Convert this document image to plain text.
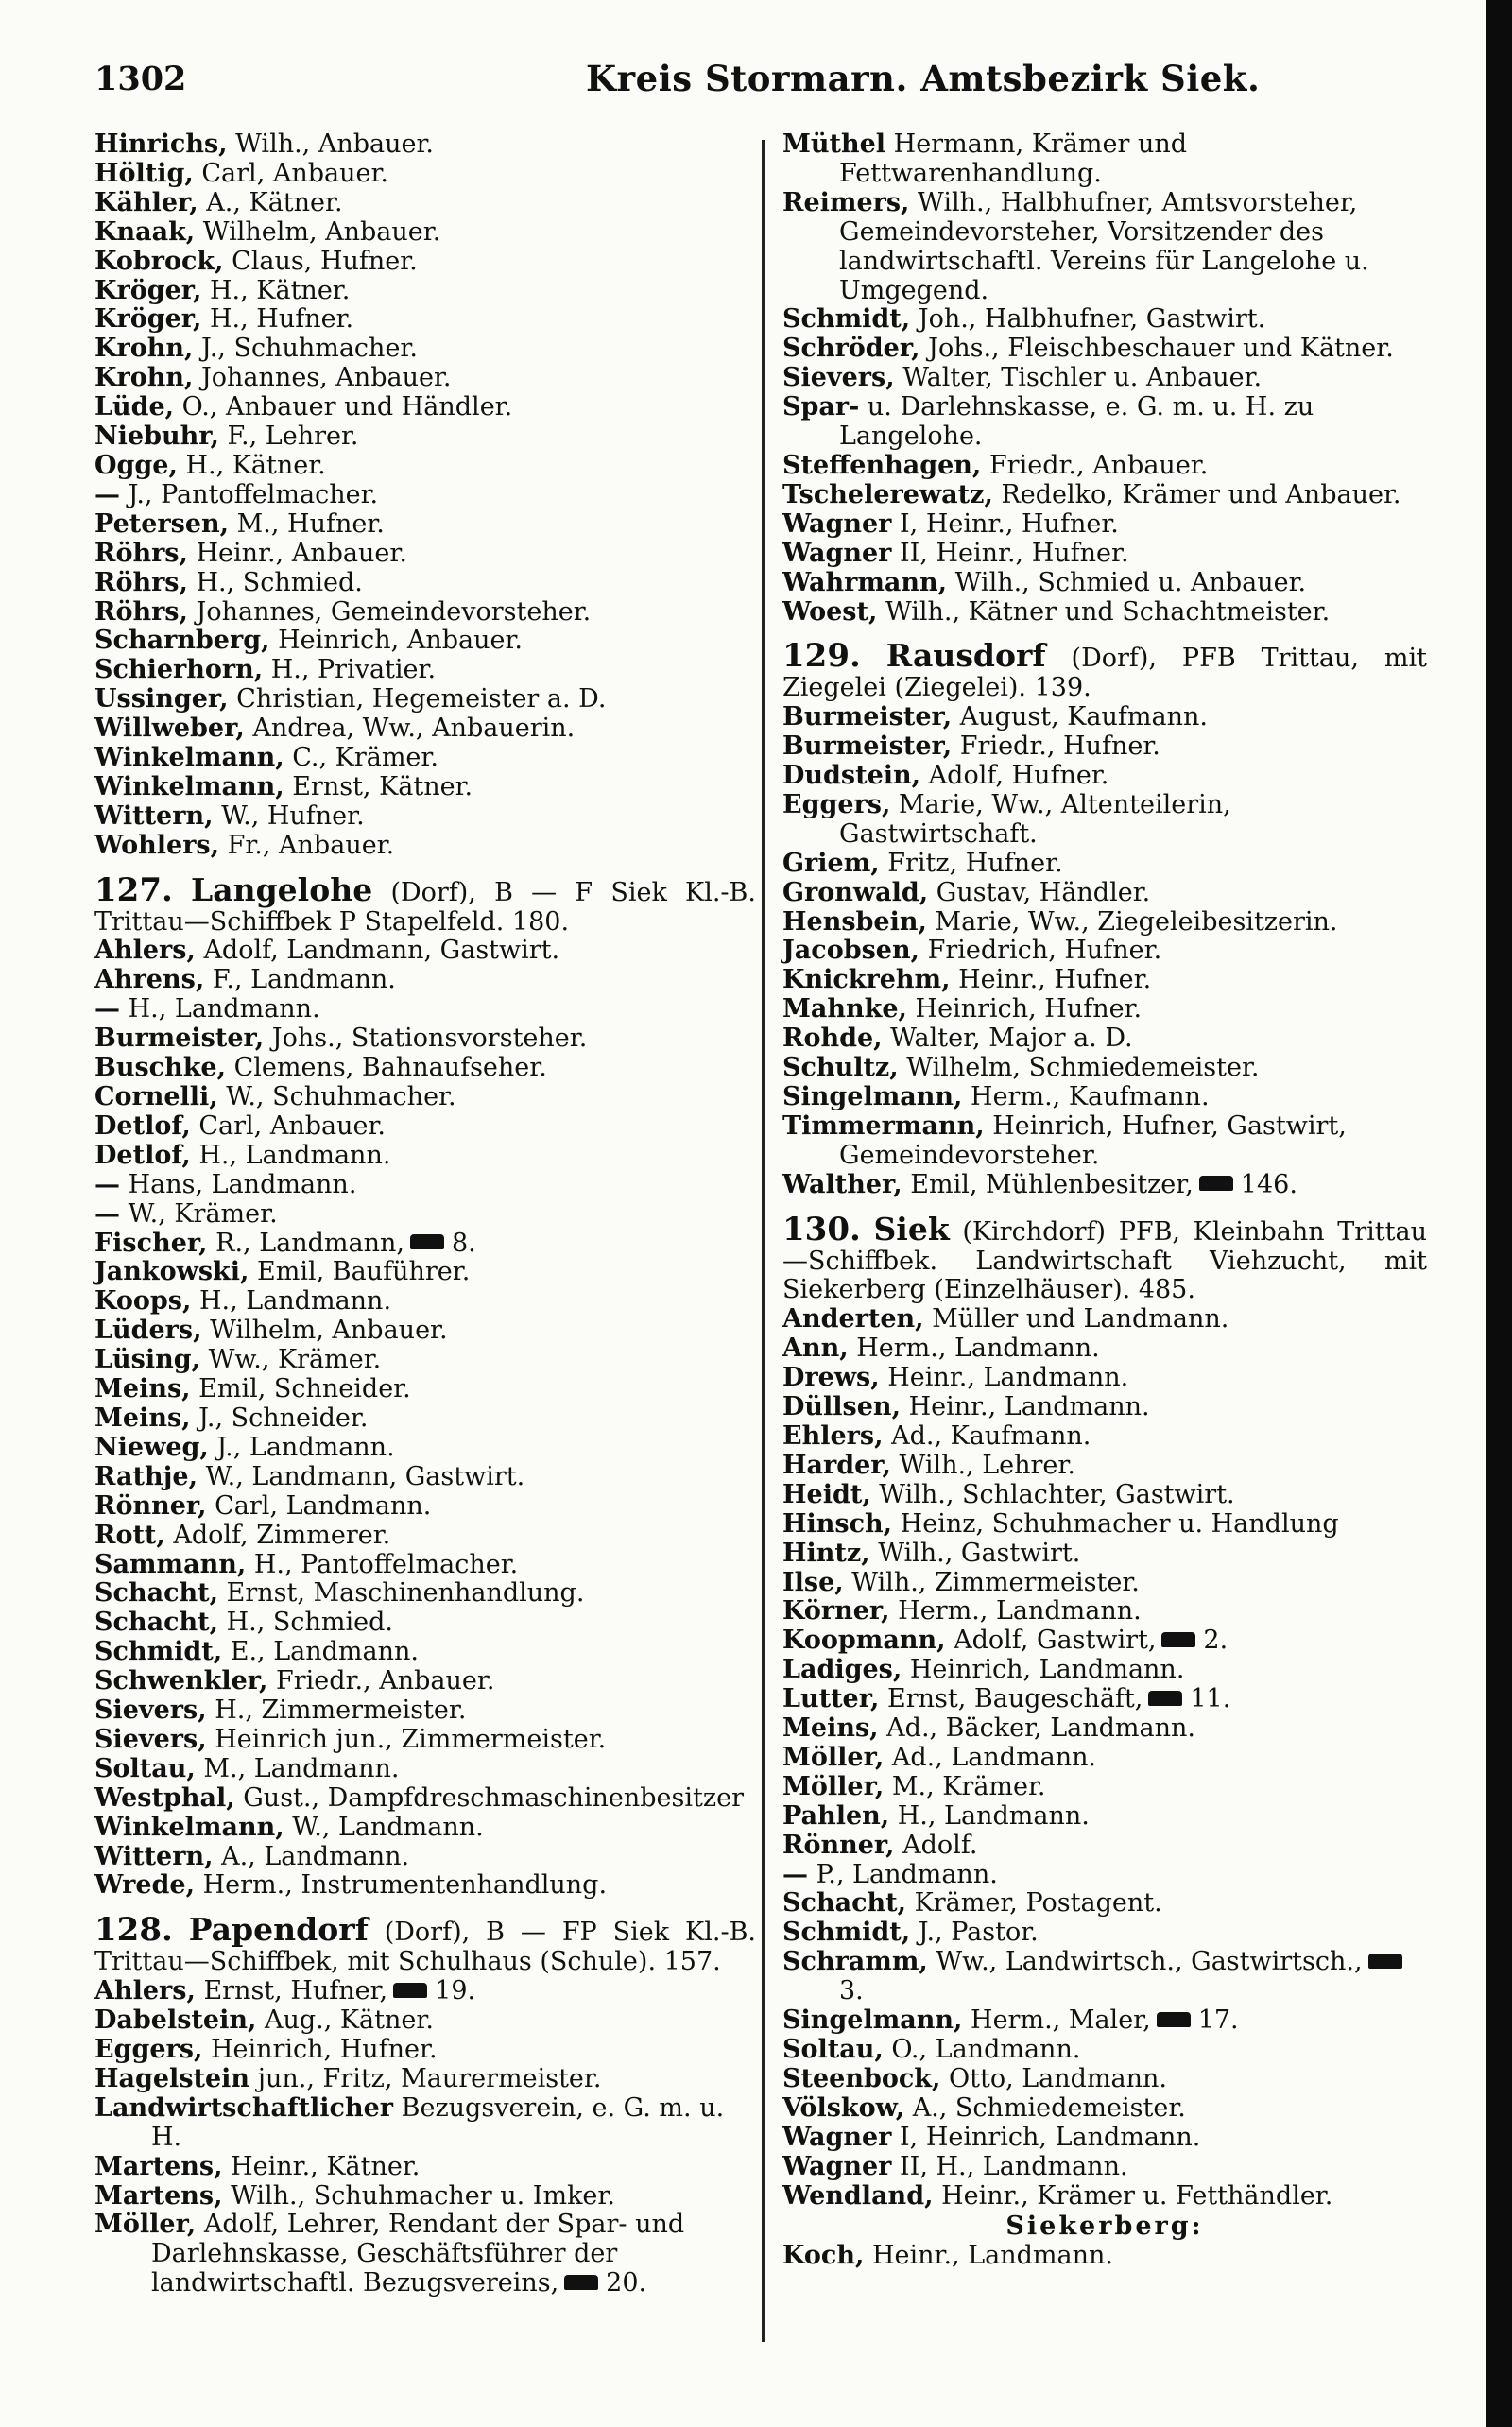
1302	Kreis Stormarn. Amtsbezirk Siek.
Hinrichs, Wilh., Anbauer.
Höltig, Carl, Anbauer.
Kähler, A., Kätner.
Knaak, Wilhelm, Anbauer.
Kobrock, Claus, Hufner.
Kröger, H., Kätner.
Kröger, H., Hufner.
Krohn, J., Schuhmacher.
Krohn, Johannes, Anbauer.
Lüde, O., Anbauer und Händler.
Niebuhr, F., Lehrer.
Ogge, H., Kätner.
— J., Pantoffelmacher.
Petersen, M., Hufner.
Röhrs, Heinr., Anbauer.
Röhrs, H., Schmied.
Röhrs, Johannes, Gemeindevorsteher.
Scharnberg, Heinrich, Anbauer.
Schierhorn, H., Privatier.
Ussinger, Christian, Hegemeister a. D.
Willweber, Andrea, Ww., Anbauerin.
Winkelmann, C., Krämer.
Winkelmann, Ernst, Kätner.
Wittern, W., Hufner.
Wohlers, Fr., Anbauer.
127. Langelohe (Dorf), B — F Siek Kl.-B. Trittau—Schiffbek P Stapelfeld. 180.
Ahlers, Adolf, Landmann, Gastwirt.
Ahrens, F., Landmann.
— H., Landmann.
Burmeister, Johs., Stationsvorsteher.
Buschke, Clemens, Bahnaufseher.
Cornelli, W., Schuhmacher.
Detlof, Carl, Anbauer.
Detlof, H., Landmann.
— Hans, Landmann.
— W., Krämer.
Fischer, R., Landmann, 8.
Jankowski, Emil, Bauführer.
Koops, H., Landmann.
Lüders, Wilhelm, Anbauer.
Lüsing, Ww., Krämer.
Meins, Emil, Schneider.
Meins, J., Schneider.
Nieweg, J., Landmann.
Rathje, W., Landmann, Gastwirt.
Rönner, Carl, Landmann.
Rott, Adolf, Zimmerer.
Sammann, H., Pantoffelmacher.
Schacht, Ernst, Maschinenhandlung.
Schacht, H., Schmied.
Schmidt, E., Landmann.
Schwenkler, Friedr., Anbauer.
Sievers, H., Zimmermeister.
Sievers, Heinrich jun., Zimmermeister.
Soltau, M., Landmann.
Westphal, Gust., Dampfdreschmaschinenbesitzer
Winkelmann, W., Landmann.
Wittern, A., Landmann.
Wrede, Herm., Instrumentenhandlung.
128. Papendorf (Dorf), B — FP Siek Kl.-B. Trittau—Schiffbek, mit Schulhaus (Schule). 157.
Ahlers, Ernst, Hufner, 19.
Dabelstein, Aug., Kätner.
Eggers, Heinrich, Hufner.
Hagelstein jun., Fritz, Maurermeister.
Landwirtschaftlicher Bezugsverein, e. G. m. u. H.
Martens, Heinr., Kätner.
Martens, Wilh., Schuhmacher u. Imker.
Möller, Adolf, Lehrer, Rendant der Spar- und Darlehnskasse, Geschäftsführer der landwirtschaftl. Bezugsvereins, 20.
Müthel Hermann, Krämer und Fettwarenhandlung.
Reimers, Wilh., Halbhufner, Amtsvorsteher, Gemeindevorsteher, Vorsitzender des landwirtschaftl. Vereins für Langelohe u. Umgegend.
Schmidt, Joh., Halbhufner, Gastwirt.
Schröder, Johs., Fleischbeschauer und Kätner.
Sievers, Walter, Tischler u. Anbauer.
Spar- u. Darlehnskasse, e. G. m. u. H. zu Langelohe.
Steffenhagen, Friedr., Anbauer.
Tschelerewatz, Redelko, Krämer und Anbauer.
Wagner I, Heinr., Hufner.
Wagner II, Heinr., Hufner.
Wahrmann, Wilh., Schmied u. Anbauer.
Woest, Wilh., Kätner und Schachtmeister.
129. Rausdorf (Dorf), PFB Trittau, mit Ziegelei (Ziegelei). 139.
Burmeister, August, Kaufmann.
Burmeister, Friedr., Hufner.
Dudstein, Adolf, Hufner.
Eggers, Marie, Ww., Altenteilerin, Gastwirtschaft.
Griem, Fritz, Hufner.
Gronwald, Gustav, Händler.
Hensbein, Marie, Ww., Ziegeleibesitzerin.
Jacobsen, Friedrich, Hufner.
Knickrehm, Heinr., Hufner.
Mahnke, Heinrich, Hufner.
Rohde, Walter, Major a. D.
Schultz, Wilhelm, Schmiedemeister.
Singelmann, Herm., Kaufmann.
Timmermann, Heinrich, Hufner, Gastwirt, Gemeindevorsteher.
Walther, Emil, Mühlenbesitzer, 146.
130. Siek (Kirchdorf) PFB, Kleinbahn Trittau—Schiffbek. Landwirtschaft Viehzucht, mit Siekerberg (Einzelhäuser). 485.
Anderten, Müller und Landmann.
Ann, Herm., Landmann.
Drews, Heinr., Landmann.
Düllsen, Heinr., Landmann.
Ehlers, Ad., Kaufmann.
Harder, Wilh., Lehrer.
Heidt, Wilh., Schlachter, Gastwirt.
Hinsch, Heinz, Schuhmacher u. Handlung
Hintz, Wilh., Gastwirt.
Ilse, Wilh., Zimmermeister.
Körner, Herm., Landmann.
Koopmann, Adolf, Gastwirt, 2.
Ladiges, Heinrich, Landmann.
Lutter, Ernst, Baugeschäft, 11.
Meins, Ad., Bäcker, Landmann.
Möller, Ad., Landmann.
Möller, M., Krämer.
Pahlen, H., Landmann.
Rönner, Adolf.
— P., Landmann.
Schacht, Krämer, Postagent.
Schmidt, J., Pastor.
Schramm, Ww., Landwirtsch., Gastwirtsch.,3.
Singelmann, Herm., Maler, 17.
Soltau, O., Landmann.
Steenbock, Otto, Landmann.
Völskow, A., Schmiedemeister.
Wagner I, Heinrich, Landmann.
Wagner II, H., Landmann.
Wendland, Heinr., Krämer u. Fetthändler.
Siekerberg:
Koch, Heinr., Landmann.
